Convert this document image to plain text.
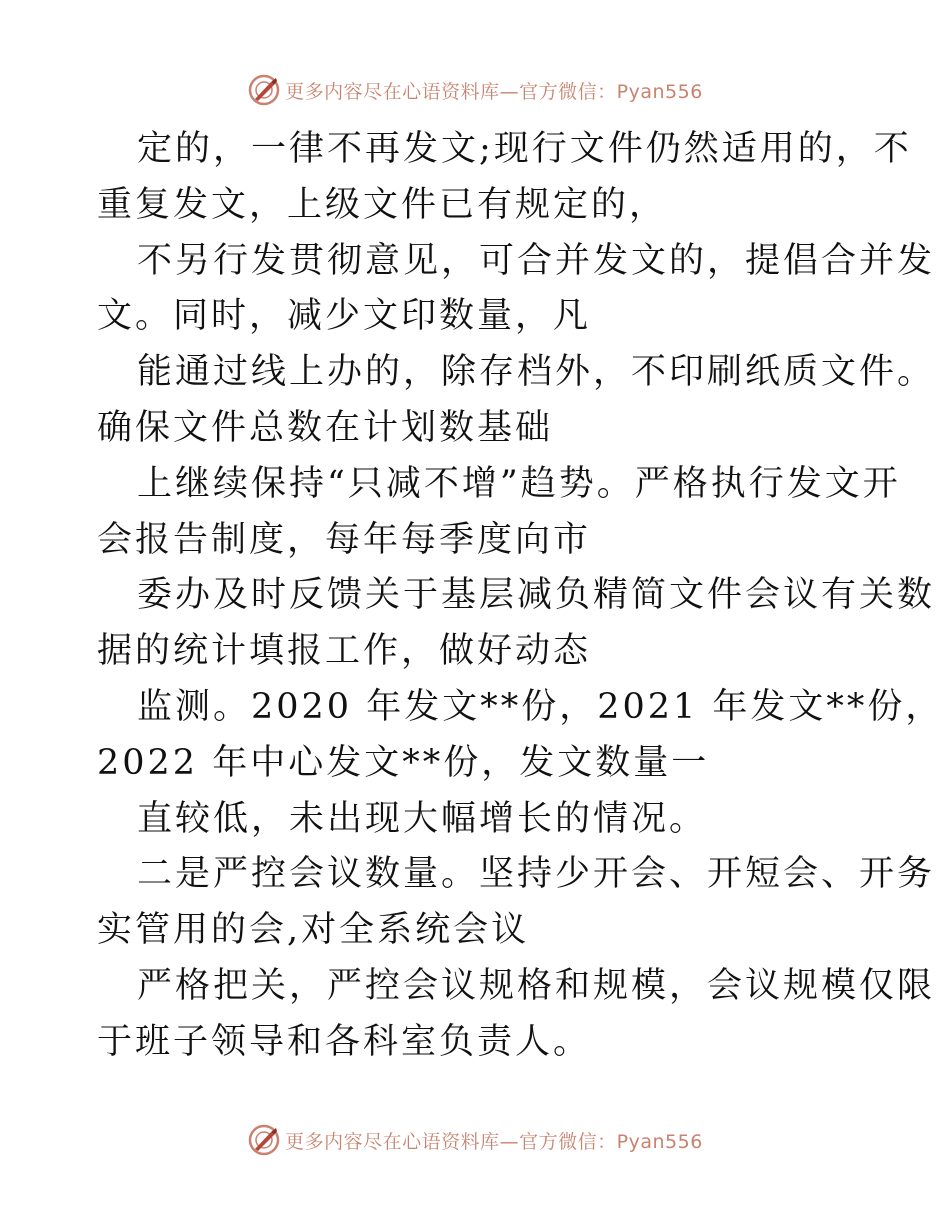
更多内容尽在心语资料库—官方微信：Pyan556
定的，一律不再发文;现行文件仍然适用的，不
重复发文，上级文件已有规定的，
不另行发贯彻意见，可合并发文的，提倡合并发
文。同时，减少文印数量，凡
能通过线上办的，除存档外，不印刷纸质文件。
确保文件总数在计划数基础
上继续保持“只减不增”趋势。严格执行发文开
会报告制度，每年每季度向市
委办及时反馈关于基层减负精简文件会议有关数
据的统计填报工作，做好动态
监测。2020 年发文**份，2021 年发文**份，
2022 年中心发文**份，发文数量一
直较低，未出现大幅增长的情况。
二是严控会议数量。坚持少开会、开短会、开务
实管用的会,对全系统会议
严格把关，严控会议规格和规模，会议规模仅限
于班子领导和各科室负责人。
更多内容尽在心语资料库—官方微信：Pyan556
